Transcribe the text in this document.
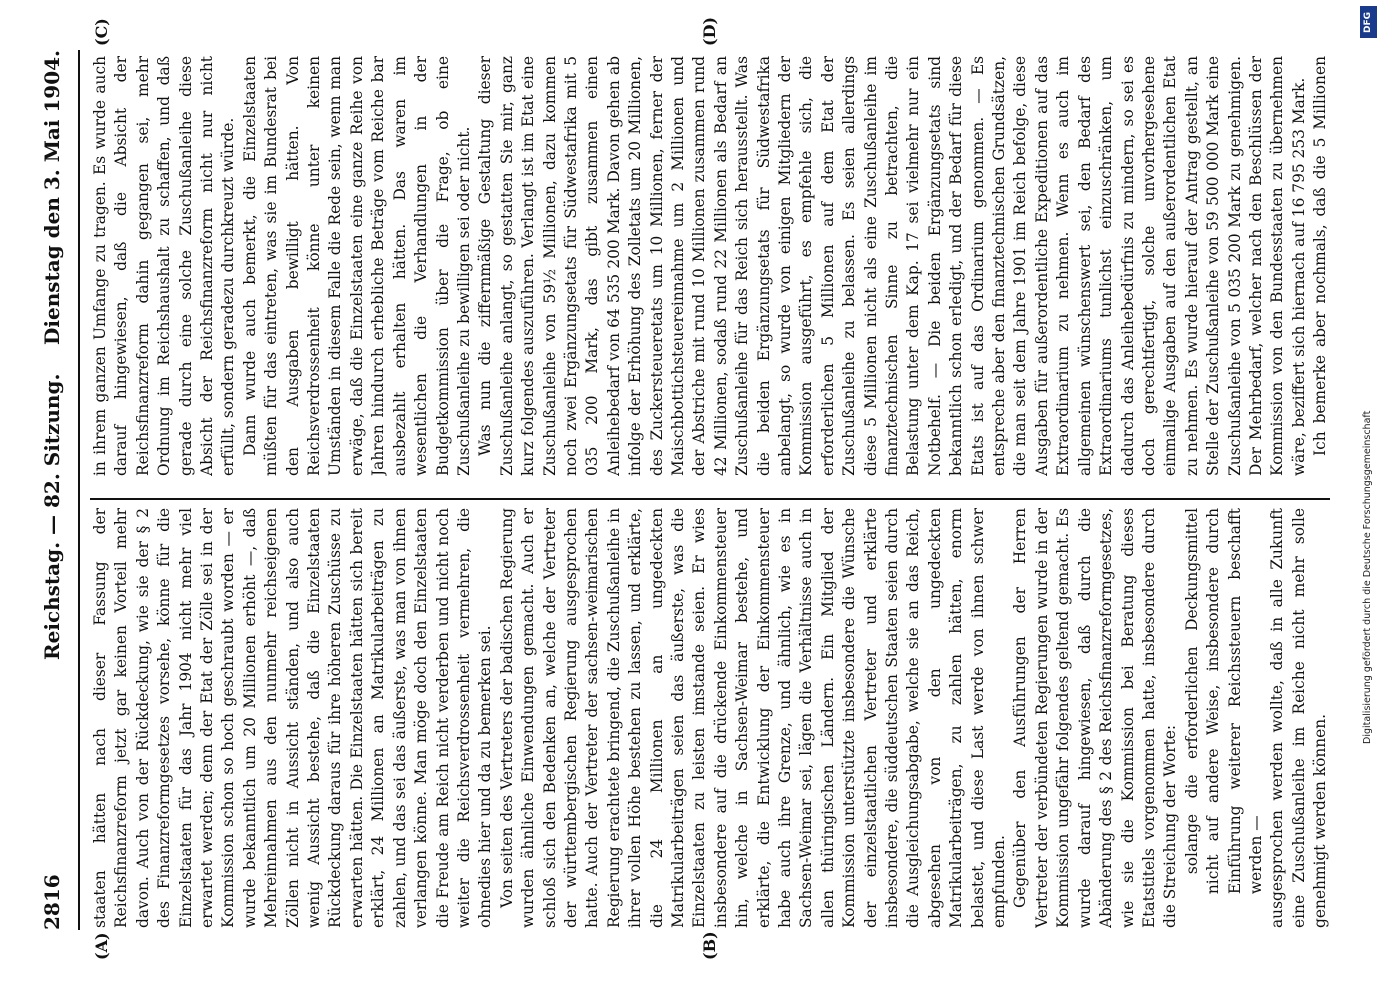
2816
Reichstag. — 82. Sitzung.
Dienstag den 3. Mai 1904.
(A)	(B)
(C)	(D)

staaten hätten nach dieser Fassung der Reichsfinanzreform jetzt gar keinen Vorteil mehr davon. Auch von der Rückdeckung, wie sie der § 2 des Finanzreformgesetzes vorsehe, könne für die Einzelstaaten für das Jahr 1904 nicht mehr viel erwartet werden; denn der Etat der Zölle sei in der Kommission schon so hoch geschraubt worden — er wurde bekanntlich um 20 Millionen erhöht —, daß Mehreinnahmen aus den nunmehr reichseigenen Zöllen nicht in Aussicht ständen, und also auch wenig Aussicht bestehe, daß die Einzelstaaten Rückdeckung daraus für ihre höheren Zuschüsse zu erwarten hätten. Die Einzelstaaten hätten sich bereit erklärt, 24 Millionen an Matrikularbeiträgen zu zahlen, und das sei das äußerste, was man von ihnen verlangen könne. Man möge doch den Einzelstaaten die Freude am Reich nicht verderben und nicht noch weiter die Reichsverdrossenheit vermehren, die ohnedies hier und da zu bemerken sei. Von seiten des Vertreters der badischen Regierung wurden ähnliche Einwendungen gemacht. Auch er schloß sich den Bedenken an, welche der Vertreter der württembergischen Regierung ausgesprochen hatte. Auch der Vertreter der sachsen-weimarischen Regierung erachtete bringend, die Zuschußanleihe in ihrer vollen Höhe bestehen zu lassen, und erklärte, die 24 Millionen an ungedeckten Matrikularbeiträgen seien das äußerste, was die Einzelstaaten zu leisten imstande seien. Er wies insbesondere auf die drückende Einkommensteuer hin, welche in Sachsen-Weimar bestehe, und erklärte, die Entwicklung der Einkommensteuer habe auch ihre Grenze, und ähnlich, wie es in Sachsen-Weimar sei, lägen die Verhältnisse auch in allen thüringischen Ländern. Ein Mitglied der Kommission unterstützte insbesondere die Wünsche der einzelstaatlichen Vertreter und erklärte insbesondere, die süddeutschen Staaten seien durch die Ausgleichungsabgabe, welche sie an das Reich, abgesehen von den ungedeckten Matrikularbeiträgen, zu zahlen hätten, enorm belastet, und diese Last werde von ihnen schwer empfunden. Gegenüber den Ausführungen der Herren Vertreter der verbündeten Regierungen wurde in der Kommission ungefähr folgendes geltend gemacht. Es wurde darauf hingewiesen, daß durch die Abänderung des § 2 des Reichsfinanzreformgesetzes, wie sie die Kommission bei Beratung dieses Etatstitels vorgenommen hatte, insbesondere durch die Streichung der Worte: solange die erforderlichen Deckungsmittel nicht auf andere Weise, insbesondere durch Einführung weiterer Reichssteuern beschafft werden — ausgesprochen werden wollte, daß in alle Zukunft eine Zuschußanleihe im Reiche nicht mehr solle genehmigt werden können.

in ihrem ganzen Umfange zu tragen. Es wurde auch darauf hingewiesen, daß die Absicht der Reichsfinanzreform dahin gegangen sei, mehr Ordnung im Reichshaushalt zu schaffen, und daß gerade durch eine solche Zuschußanleihe diese Absicht der Reichsfinanzreform nicht nur nicht erfüllt, sondern geradezu durchkreuzt würde. Dann wurde auch bemerkt, die Einzelstaaten müßten für das eintreten, was sie im Bundesrat bei den Ausgaben bewilligt hätten. Von Reichsverdrossenheit könne unter keinen Umständen in diesem Falle die Rede sein, wenn man erwäge, daß die Einzelstaaten eine ganze Reihe von Jahren hindurch erhebliche Beträge vom Reiche bar ausbezahlt erhalten hätten. Das waren im wesentlichen die Verhandlungen in der Budgetkommission über die Frage, ob eine Zuschußanleihe zu bewilligen sei oder nicht. Was nun die ziffernmäßige Gestaltung dieser Zuschußanleihe anlangt, so gestatten Sie mir, ganz kurz folgendes auszuführen. Verlangt ist im Etat eine Zuschußanleihe von 59½ Millionen, dazu kommen noch zwei Ergänzungsetats für Südwestafrika mit 5 035 200 Mark, das gibt zusammen einen Anleihebedarf von 64 535 200 Mark. Davon gehen ab infolge der Erhöhung des Zolletats um 20 Millionen, des Zuckersteueretats um 10 Millionen, ferner der Maischbottichsteuereinnahme um 2 Millionen und der Abstriche mit rund 10 Millionen zusammen rund 42 Millionen, sodaß rund 22 Millionen als Bedarf an Zuschußanleihe für das Reich sich herausstellt. Was die beiden Ergänzungsetats für Südwestafrika anbelangt, so wurde von einigen Mitgliedern der Kommission ausgeführt, es empfehle sich, die erforderlichen 5 Millionen auf dem Etat der Zuschußanleihe zu belassen. Es seien allerdings diese 5 Millionen nicht als eine Zuschußanleihe im finanztechnischen Sinne zu betrachten, die Belastung unter dem Kap. 17 sei vielmehr nur ein Notbehelf. — Die beiden Ergänzungsetats sind bekanntlich schon erledigt, und der Bedarf für diese Etats ist auf das Ordinarium genommen. — Es entspreche aber den finanztechnischen Grundsätzen, die man seit dem Jahre 1901 im Reich befolge, diese Ausgaben für außerordentliche Expeditionen auf das Extraordinarium zu nehmen. Wenn es auch im allgemeinen wünschenswert sei, den Bedarf des Extraordinariums tunlichst einzuschränken, um dadurch das Anleihebedürfnis zu mindern, so sei es doch gerechtfertigt, solche unvorhergesehene einmalige Ausgaben auf den außerordentlichen Etat zu nehmen. Es wurde hierauf der Antrag gestellt, an Stelle der Zuschußanleihe von 59 500 000 Mark eine Zuschußanleihe von 5 035 200 Mark zu genehmigen. Der Mehrbedarf, welcher nach den Beschlüssen der Kommission von den Bundesstaaten zu übernehmen wäre, beziffert sich hiernach auf 16 795 253 Mark. Ich bemerke aber nochmals, daß die 5 Millionen

DFG
Digitalisierung gefördert durch die Deutsche Forschungsgemeinschaft
